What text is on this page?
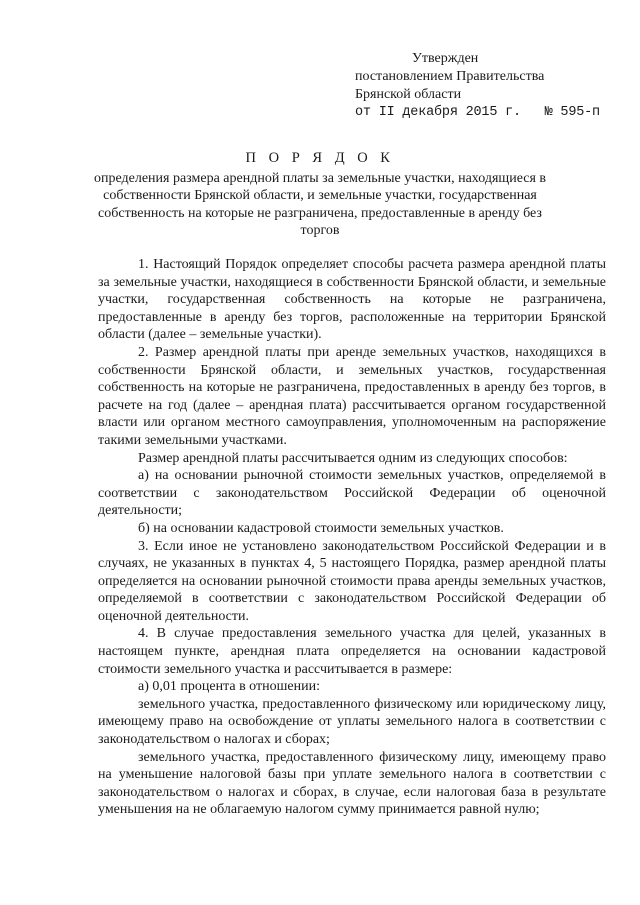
Утвержден
постановлением Правительства
Брянской области
от II декабря 2015 г.   № 595-п
П О Р Я Д О К
определения размера арендной платы за земельные участки, находящиеся в собственности Брянской области, и земельные участки, государственная собственность на которые не разграничена, предоставленные в аренду без торгов

1. Настоящий Порядок определяет способы расчета размера арендной платы за земельные участки, находящиеся в собственности Брянской области, и земельные участки, государственная собственность на которые не разграничена, предоставленные в аренду без торгов, расположенные на территории Брянской области (далее – земельные участки).

2. Размер арендной платы при аренде земельных участков, находящихся в собственности Брянской области, и земельных участков, государственная собственность на которые не разграничена, предоставленных в аренду без торгов, в расчете на год (далее – арендная плата) рассчитывается органом государственной власти или органом местного самоуправления, уполномоченным на распоряжение такими земельными участками.

Размер арендной платы рассчитывается одним из следующих способов:

а) на основании рыночной стоимости земельных участков, определяемой в соответствии с законодательством Российской Федерации об оценочной деятельности;

б) на основании кадастровой стоимости земельных участков.

3. Если иное не установлено законодательством Российской Федерации и в случаях, не указанных в пунктах 4, 5 настоящего Порядка, размер арендной платы определяется на основании рыночной стоимости права аренды земельных участков, определяемой в соответствии с законодательством Российской Федерации об оценочной деятельности.

4. В случае предоставления земельного участка для целей, указанных в настоящем пункте, арендная плата определяется на основании кадастровой стоимости земельного участка и рассчитывается в размере:

а) 0,01 процента в отношении:

земельного участка, предоставленного физическому или юридическому лицу, имеющему право на освобождение от уплаты земельного налога в соответствии с законодательством о налогах и сборах;

земельного участка, предоставленного физическому лицу, имеющему право на уменьшение налоговой базы при уплате земельного налога в соответствии с законодательством о налогах и сборах, в случае, если налоговая база в результате уменьшения на не облагаемую налогом сумму принимается равной нулю;
